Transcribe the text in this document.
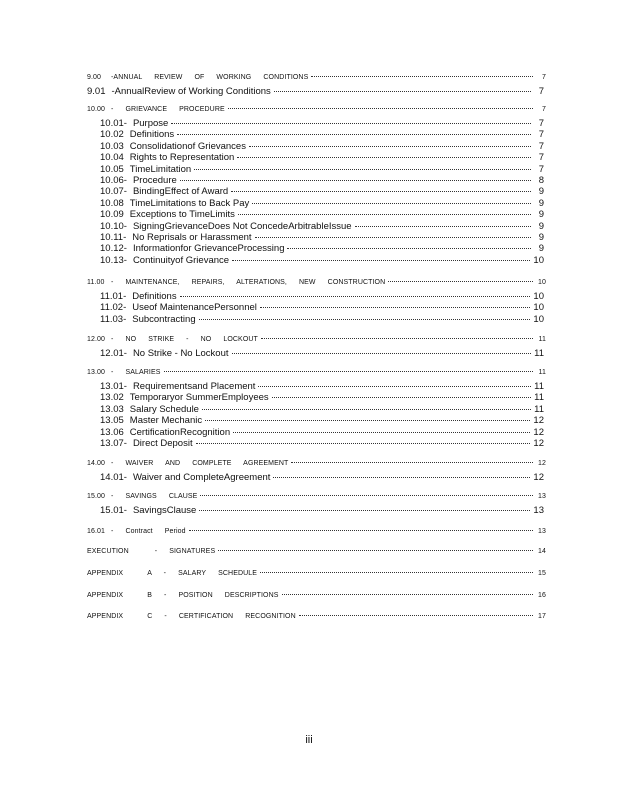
9.00	-ANNUAL REVIEW OF WORKING CONDITIONS	7
9.01 -AnnualReview of Working Conditions	7
10.00 - GRIEVANCE PROCEDURE	7
10.01- Purpose	7
10.02 Definitions	7
10.03 Consolidationof Grievances	7
10.04 Rights to Representation	7
10.05 TimeLimitation	7
10.06- Procedure	8
10.07- BindingEffect of Award	9
10.08 TimeLimitations to Back Pay	9
10.09 Exceptions to TimeLimits	9
10.10- SigningGrievanceDoes Not ConcedeArbitrableIssue	9
10.11- No Reprisals or Harassment	9
10.12- Informationfor GrievanceProcessing	9
10.13- Continuityof Grievance	10
11.00 - MAINTENANCE, REPAIRS, ALTERATIONS, NEW CONSTRUCTION	10
11.01- Definitions	10
11.02- Useof MaintenancePersonnel	10
11.03- Subcontracting	10
12.00 - NO STRIKE - NO LOCKOUT	11
12.01- No Strike - No Lockout	11
13.00 - SALARIES	11
13.01- Requirementsand Placement	11
13.02 Temporaryor SummerEmployees	11
13.03 Salary Schedule	11
13.05 Master Mechanic	12
13.06 CertificationRecognition	12
13.07- Direct Deposit	12
14.00 - WAIVER AND COMPLETE AGREEMENT	12
14.01- Waiver and CompleteAgreement	12
15.00 - SAVINGS CLAUSE	13
15.01- SavingsClause	13
16.01 - Contract Period	13
EXECUTION	- SIGNATURES	14
APPENDIX	A - SALARY SCHEDULE	15
APPENDIX	B - POSITION DESCRIPTIONS	16
APPENDIX	C - CERTIFICATION RECOGNITION	17
iii
